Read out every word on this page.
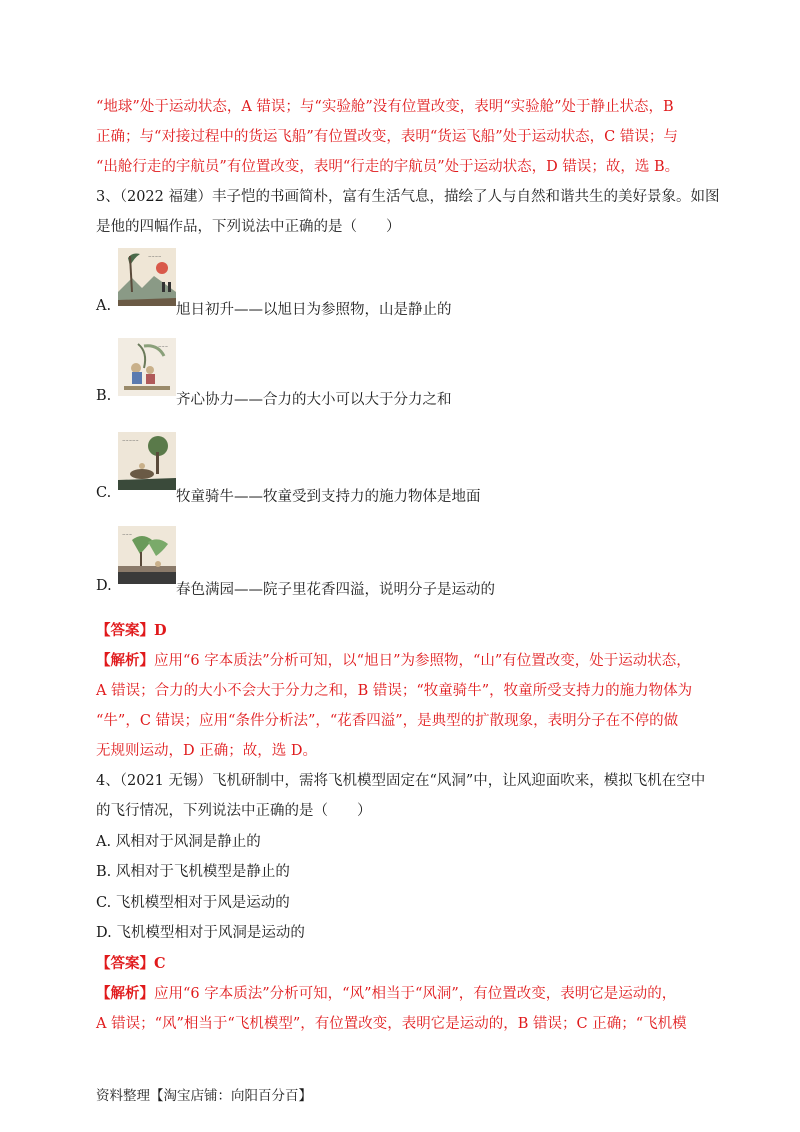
“地球”处于运动状态，A 错误；与“实验舱”没有位置改变，表明“实验舱”处于静止状态，B
正确；与“对接过程中的货运飞船”有位置改变，表明“货运飞船”处于运动状态，C 错误；与
“出舱行走的宇航员”有位置改变，表明“行走的宇航员”处于运动状态，D 错误；故，选 B。
3、（2022 福建）丰子恺的书画简朴，富有生活气息，描绘了人与自然和谐共生的美好景象。如图
是他的四幅作品，下列说法中正确的是（　　）
~~~~
A.	旭日初升——以旭日为参照物，山是静止的
~~~
B.	齐心协力——合力的大小可以大于分力之和
~~~~~
C.	牧童骑牛——牧童受到支持力的施力物体是地面
~~~
D.	春色满园——院子里花香四溢，说明分子是运动的
【答案】D
【解析】应用“6 字本质法”分析可知，以“旭日”为参照物，“山”有位置改变，处于运动状态，
A 错误；合力的大小不会大于分力之和，B 错误；“牧童骑牛”，牧童所受支持力的施力物体为
“牛”，C 错误；应用“条件分析法”，“花香四溢”，是典型的扩散现象，表明分子在不停的做
无规则运动，D 正确；故，选 D。
4、（2021 无锡）飞机研制中，需将飞机模型固定在“风洞”中，让风迎面吹来，模拟飞机在空中
的飞行情况，下列说法中正确的是（　　）
A. 风相对于风洞是静止的
B. 风相对于飞机模型是静止的
C. 飞机模型相对于风是运动的
D. 飞机模型相对于风洞是运动的
【答案】C
【解析】应用“6 字本质法”分析可知，“风”相当于“风洞”，有位置改变，表明它是运动的，
A 错误；“风”相当于“飞机模型”，有位置改变，表明它是运动的，B 错误；C 正确；“飞机模
资料整理【淘宝店铺：向阳百分百】
